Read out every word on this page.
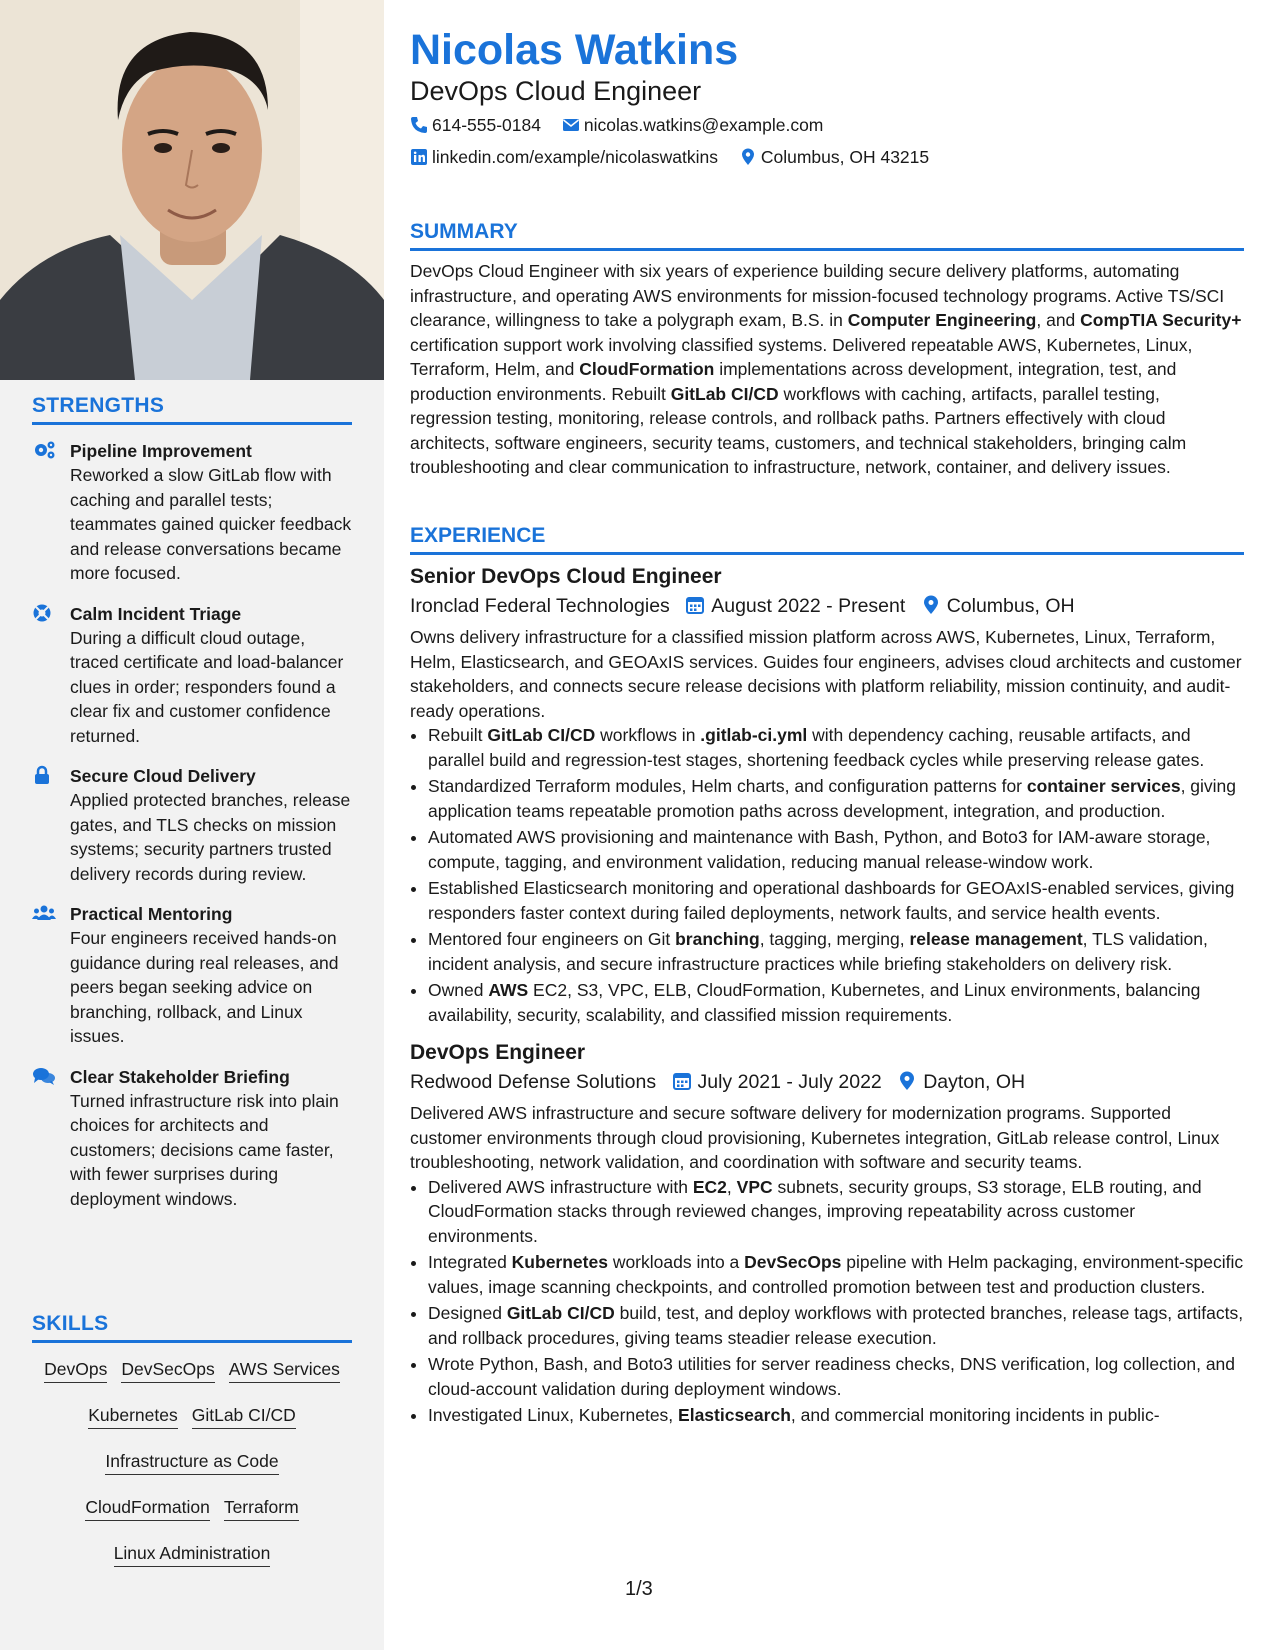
STRENGTHS
Pipeline Improvement
Reworked a slow GitLab flow with caching and parallel tests; teammates gained quicker feedback and release conversations became more focused.
Calm Incident Triage
During a difficult cloud outage, traced certificate and load-balancer clues in order; responders found a clear fix and customer confidence returned.
Secure Cloud Delivery
Applied protected branches, release gates, and TLS checks on mission systems; security partners trusted delivery records during review.
Practical Mentoring
Four engineers received hands-on guidance during real releases, and peers began seeking advice on branching, rollback, and Linux issues.
Clear Stakeholder Briefing
Turned infrastructure risk into plain choices for architects and customers; decisions came faster, with fewer surprises during deployment windows.
SKILLS
DevOps DevSecOps AWS Services
Kubernetes GitLab CI/CD
Infrastructure as Code
CloudFormation Terraform
Linux Administration
Nicolas Watkins
DevOps Cloud Engineer
614-555-0184 nicolas.watkins@example.com
linkedin.com/example/nicolaswatkins Columbus, OH 43215
SUMMARY
DevOps Cloud Engineer with six years of experience building secure delivery platforms, automating infrastructure, and operating AWS environments for mission-focused technology programs. Active TS/SCI clearance, willingness to take a polygraph exam, B.S. in Computer Engineering, and CompTIA Security+ certification support work involving classified systems. Delivered repeatable AWS, Kubernetes, Linux, Terraform, Helm, and CloudFormation implementations across development, integration, test, and production environments. Rebuilt GitLab CI/CD workflows with caching, artifacts, parallel testing, regression testing, monitoring, release controls, and rollback paths. Partners effectively with cloud architects, software engineers, security teams, customers, and technical stakeholders, bringing calm troubleshooting and clear communication to infrastructure, network, container, and delivery issues.
EXPERIENCE
Senior DevOps Cloud Engineer
Ironclad Federal Technologies August 2022 - Present Columbus, OH
Owns delivery infrastructure for a classified mission platform across AWS, Kubernetes, Linux, Terraform, Helm, Elasticsearch, and GEOAxIS services. Guides four engineers, advises cloud architects and customer stakeholders, and connects secure release decisions with platform reliability, mission continuity, and audit-ready operations.
• Rebuilt GitLab CI/CD workflows in .gitlab-ci.yml with dependency caching, reusable artifacts, and parallel build and regression-test stages, shortening feedback cycles while preserving release gates.
• Standardized Terraform modules, Helm charts, and configuration patterns for container services, giving application teams repeatable promotion paths across development, integration, and production.
• Automated AWS provisioning and maintenance with Bash, Python, and Boto3 for IAM-aware storage, compute, tagging, and environment validation, reducing manual release-window work.
• Established Elasticsearch monitoring and operational dashboards for GEOAxIS-enabled services, giving responders faster context during failed deployments, network faults, and service health events.
• Mentored four engineers on Git branching, tagging, merging, release management, TLS validation, incident analysis, and secure infrastructure practices while briefing stakeholders on delivery risk.
• Owned AWS EC2, S3, VPC, ELB, CloudFormation, Kubernetes, and Linux environments, balancing availability, security, scalability, and classified mission requirements.
DevOps Engineer
Redwood Defense Solutions July 2021 - July 2022 Dayton, OH
Delivered AWS infrastructure and secure software delivery for modernization programs. Supported customer environments through cloud provisioning, Kubernetes integration, GitLab release control, Linux troubleshooting, network validation, and coordination with software and security teams.
• Delivered AWS infrastructure with EC2, VPC subnets, security groups, S3 storage, ELB routing, and CloudFormation stacks through reviewed changes, improving repeatability across customer environments.
• Integrated Kubernetes workloads into a DevSecOps pipeline with Helm packaging, environment-specific values, image scanning checkpoints, and controlled promotion between test and production clusters.
• Designed GitLab CI/CD build, test, and deploy workflows with protected branches, release tags, artifacts, and rollback procedures, giving teams steadier release execution.
• Wrote Python, Bash, and Boto3 utilities for server readiness checks, DNS verification, log collection, and cloud-account validation during deployment windows.
• Investigated Linux, Kubernetes, Elasticsearch, and commercial monitoring incidents in public-
1/3
